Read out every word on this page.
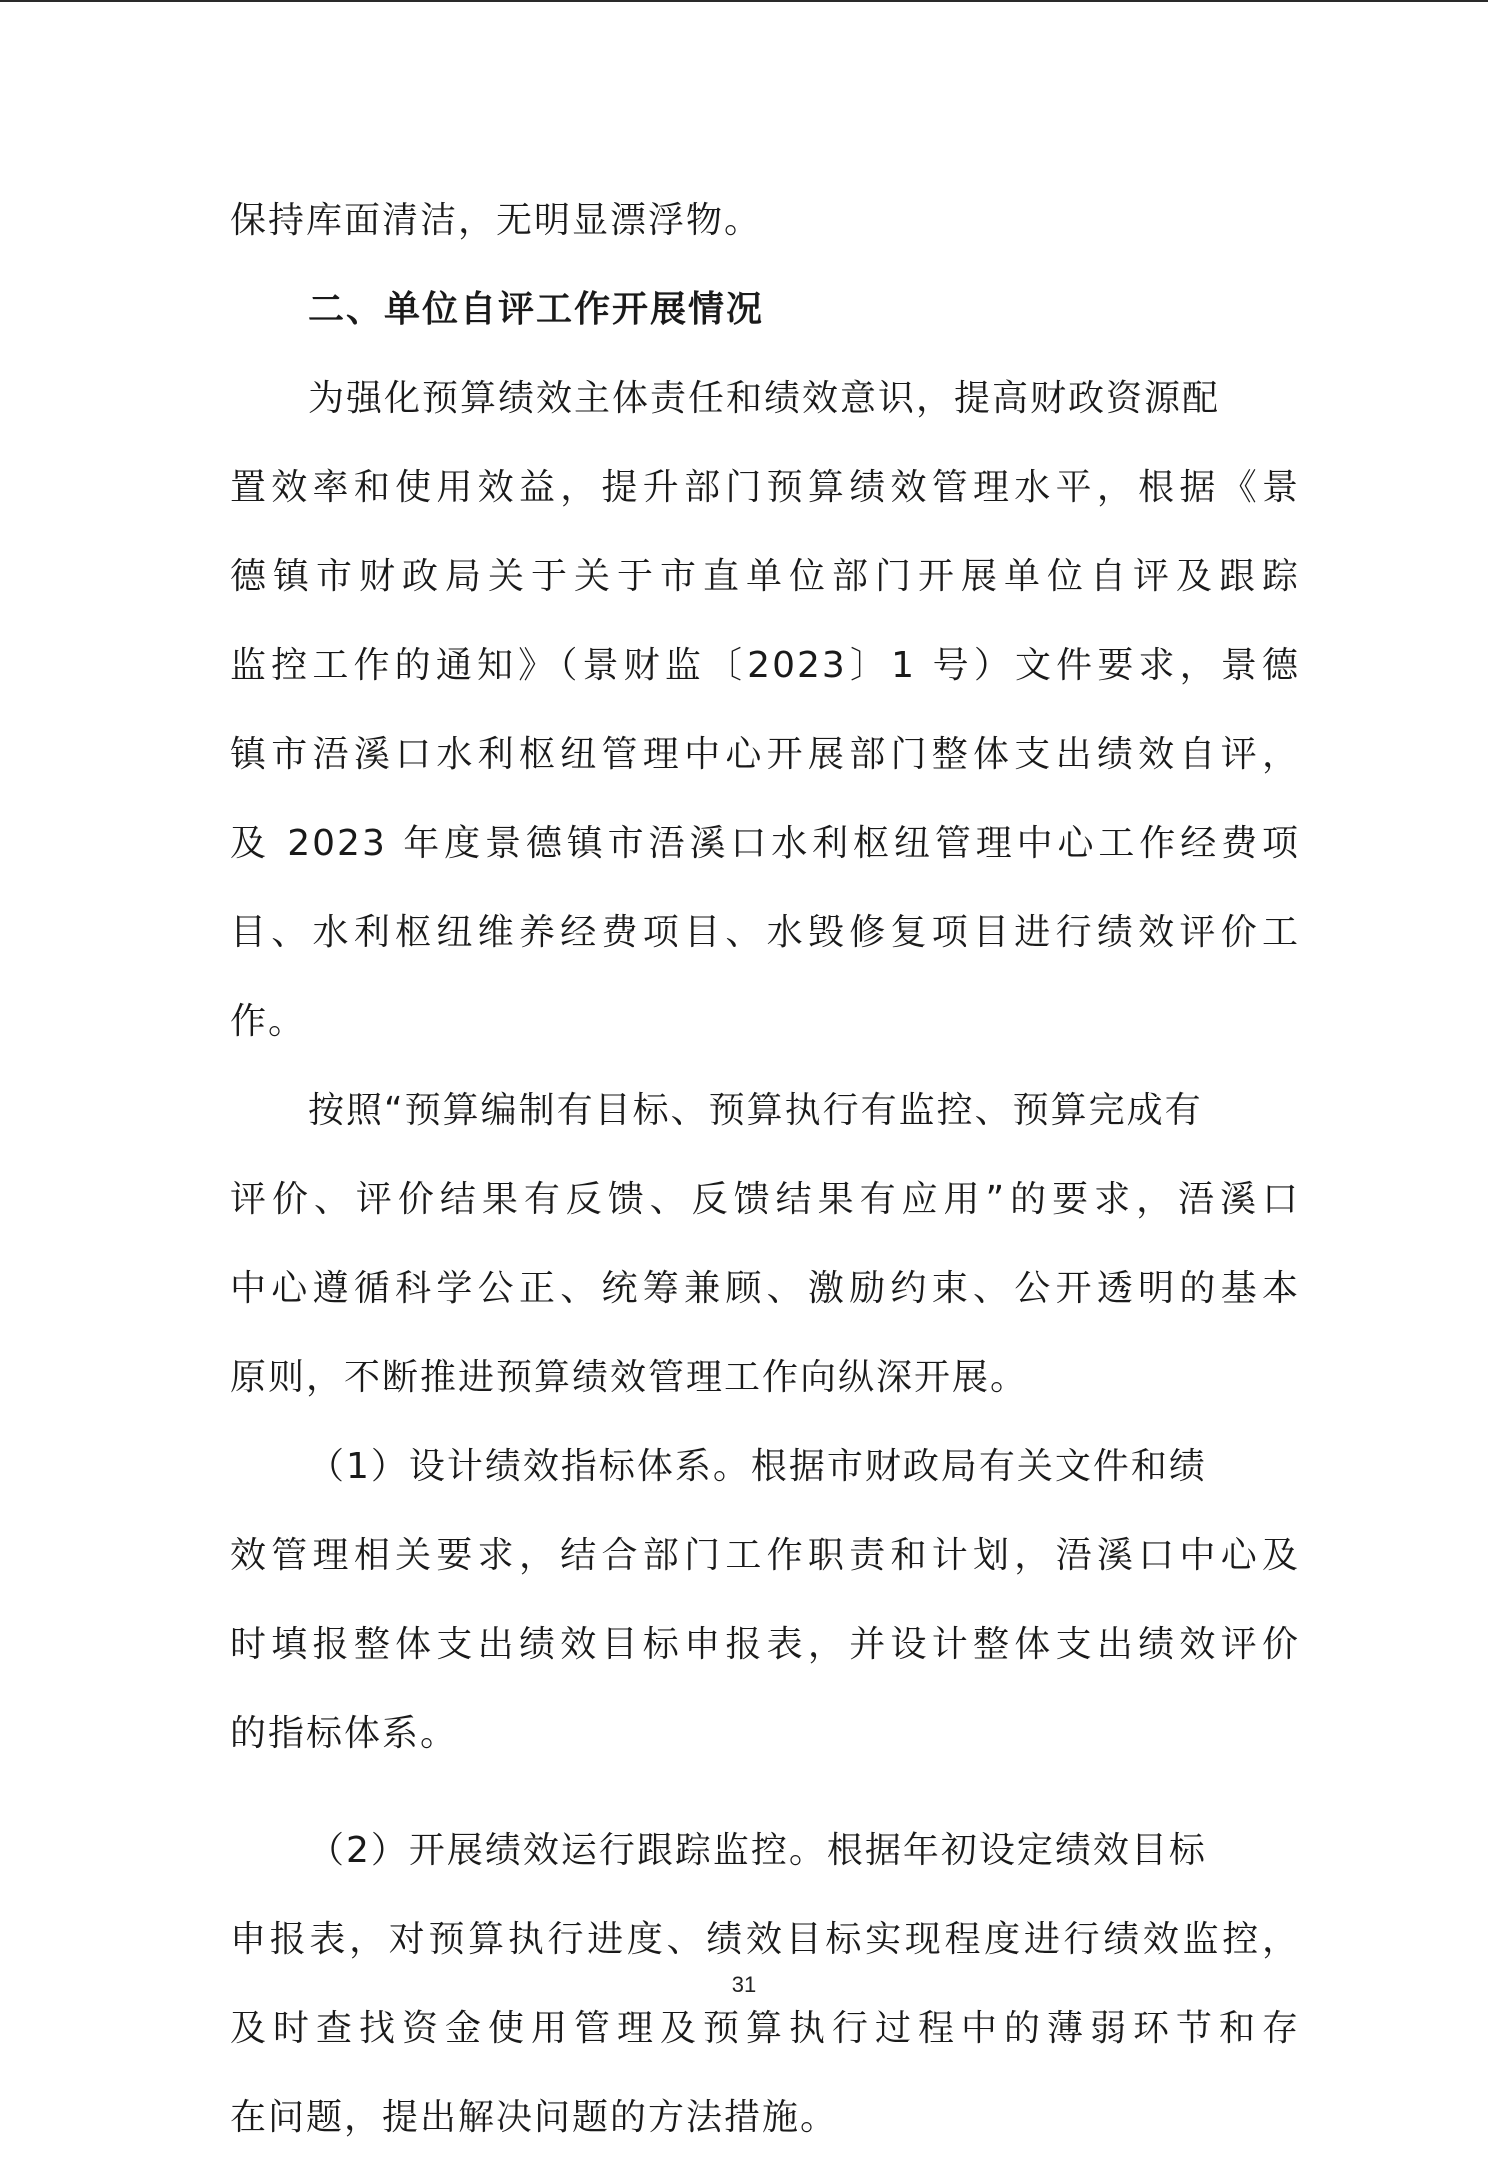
保持库面清洁，无明显漂浮物。
二、单位自评工作开展情况
为强化预算绩效主体责任和绩效意识，提高财政资源配
置效率和使用效益，提升部门预算绩效管理水平，根据《景
德镇市财政局关于关于市直单位部门开展单位自评及跟踪
监控工作的通知》（景财监〔2023〕1 号）文件要求，景德
镇市浯溪口水利枢纽管理中心开展部门整体支出绩效自评，
及 2023 年度景德镇市浯溪口水利枢纽管理中心工作经费项
目、水利枢纽维养经费项目、水毁修复项目进行绩效评价工
作。
按照“预算编制有目标、预算执行有监控、预算完成有
评价、评价结果有反馈、反馈结果有应用”的要求，浯溪口
中心遵循科学公正、统筹兼顾、激励约束、公开透明的基本
原则，不断推进预算绩效管理工作向纵深开展。
（1）设计绩效指标体系。根据市财政局有关文件和绩
效管理相关要求，结合部门工作职责和计划，浯溪口中心及
时填报整体支出绩效目标申报表，并设计整体支出绩效评价
的指标体系。
（2）开展绩效运行跟踪监控。根据年初设定绩效目标
申报表，对预算执行进度、绩效目标实现程度进行绩效监控，
及时查找资金使用管理及预算执行过程中的薄弱环节和存
在问题，提出解决问题的方法措施。
31
